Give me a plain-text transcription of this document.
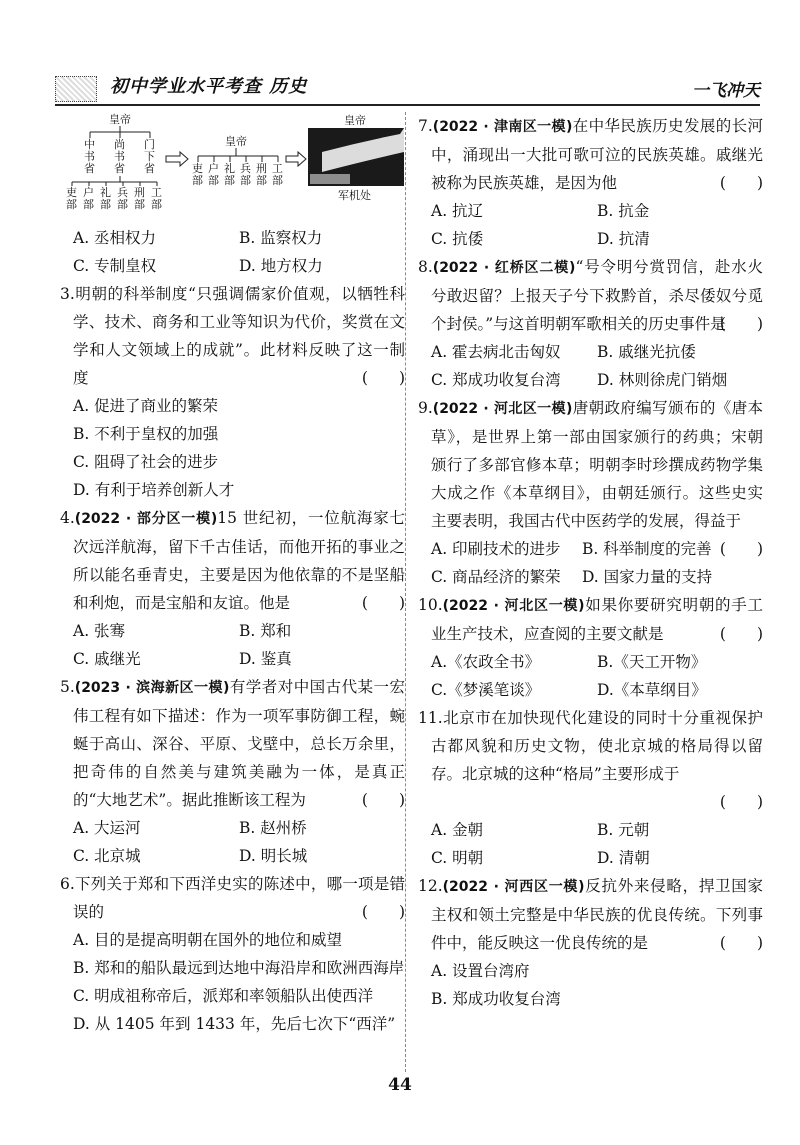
初中学业水平考查 历史	一飞冲天
皇帝
中书省
尚书省
门下省
吏部
户部
礼部
兵部
刑部
工部
皇帝
吏部
户部
礼部
兵部
刑部
工部
皇帝
军机处
A. 丞相权力	B. 监察权力
C. 专制皇权	D. 地方权力
3.明朝的科举制度“只强调儒家价值观，以牺牲科学、技术、商务和工业等知识为代价，奖赏在文学和人文领域上的成就”。此材料反映了这一制度	(　　)
A. 促进了商业的繁荣
B. 不利于皇权的加强
C. 阻碍了社会的进步
D. 有利于培养创新人才
4.(2022 · 部分区一模)15 世纪初，一位航海家七次远洋航海，留下千古佳话，而他开拓的事业之所以能名垂青史，主要是因为他依靠的不是坚船和利炮，而是宝船和友谊。他是	(　　)
A. 张骞	B. 郑和
C. 戚继光	D. 鉴真
5.(2023 · 滨海新区一模)有学者对中国古代某一宏伟工程有如下描述：作为一项军事防御工程，蜿蜒于高山、深谷、平原、戈壁中，总长万余里，把奇伟的自然美与建筑美融为一体，是真正的“大地艺术”。据此推断该工程为	(　　)
A. 大运河	B. 赵州桥
C. 北京城	D. 明长城
6.下列关于郑和下西洋史实的陈述中，哪一项是错误的	(　　)
A. 目的是提高明朝在国外的地位和威望
B. 郑和的船队最远到达地中海沿岸和欧洲西海岸
C. 明成祖称帝后，派郑和率领船队出使西洋
D. 从 1405 年到 1433 年，先后七次下“西洋”
7.(2022 · 津南区一模)在中华民族历史发展的长河中，涌现出一大批可歌可泣的民族英雄。戚继光被称为民族英雄，是因为他	(　　)
A. 抗辽	B. 抗金
C. 抗倭	D. 抗清
8.(2022 · 红桥区二模)“号令明兮赏罚信，赴水火兮敢迟留？上报天子兮下救黔首，杀尽倭奴兮觅个封侯。”与这首明朝军歌相关的历史事件是
(　　)
A. 霍去病北击匈奴	B. 戚继光抗倭
C. 郑成功收复台湾	D. 林则徐虎门销烟
9.(2022 · 河北区一模)唐朝政府编写颁布的《唐本草》，是世界上第一部由国家颁行的药典；宋朝颁行了多部官修本草；明朝李时珍撰成药物学集大成之作《本草纲目》，由朝廷颁行。这些史实主要表明，我国古代中医药学的发展，得益于
(　　)
A. 印刷技术的进步	B. 科举制度的完善
C. 商品经济的繁荣	D. 国家力量的支持
10.(2022 · 河北区一模)如果你要研究明朝的手工业生产技术，应查阅的主要文献是	(　　)
A.《农政全书》	B.《天工开物》
C.《梦溪笔谈》	D.《本草纲目》
11.北京市在加快现代化建设的同时十分重视保护古都风貌和历史文物，使北京城的格局得以留存。北京城的这种“格局”主要形成于

(　　)

A. 金朝	B. 元朝
C. 明朝	D. 清朝
12.(2022 · 河西区一模)反抗外来侵略，捍卫国家主权和领土完整是中华民族的优良传统。下列事件中，能反映这一优良传统的是	(　　)
A. 设置台湾府
B. 郑成功收复台湾
44
